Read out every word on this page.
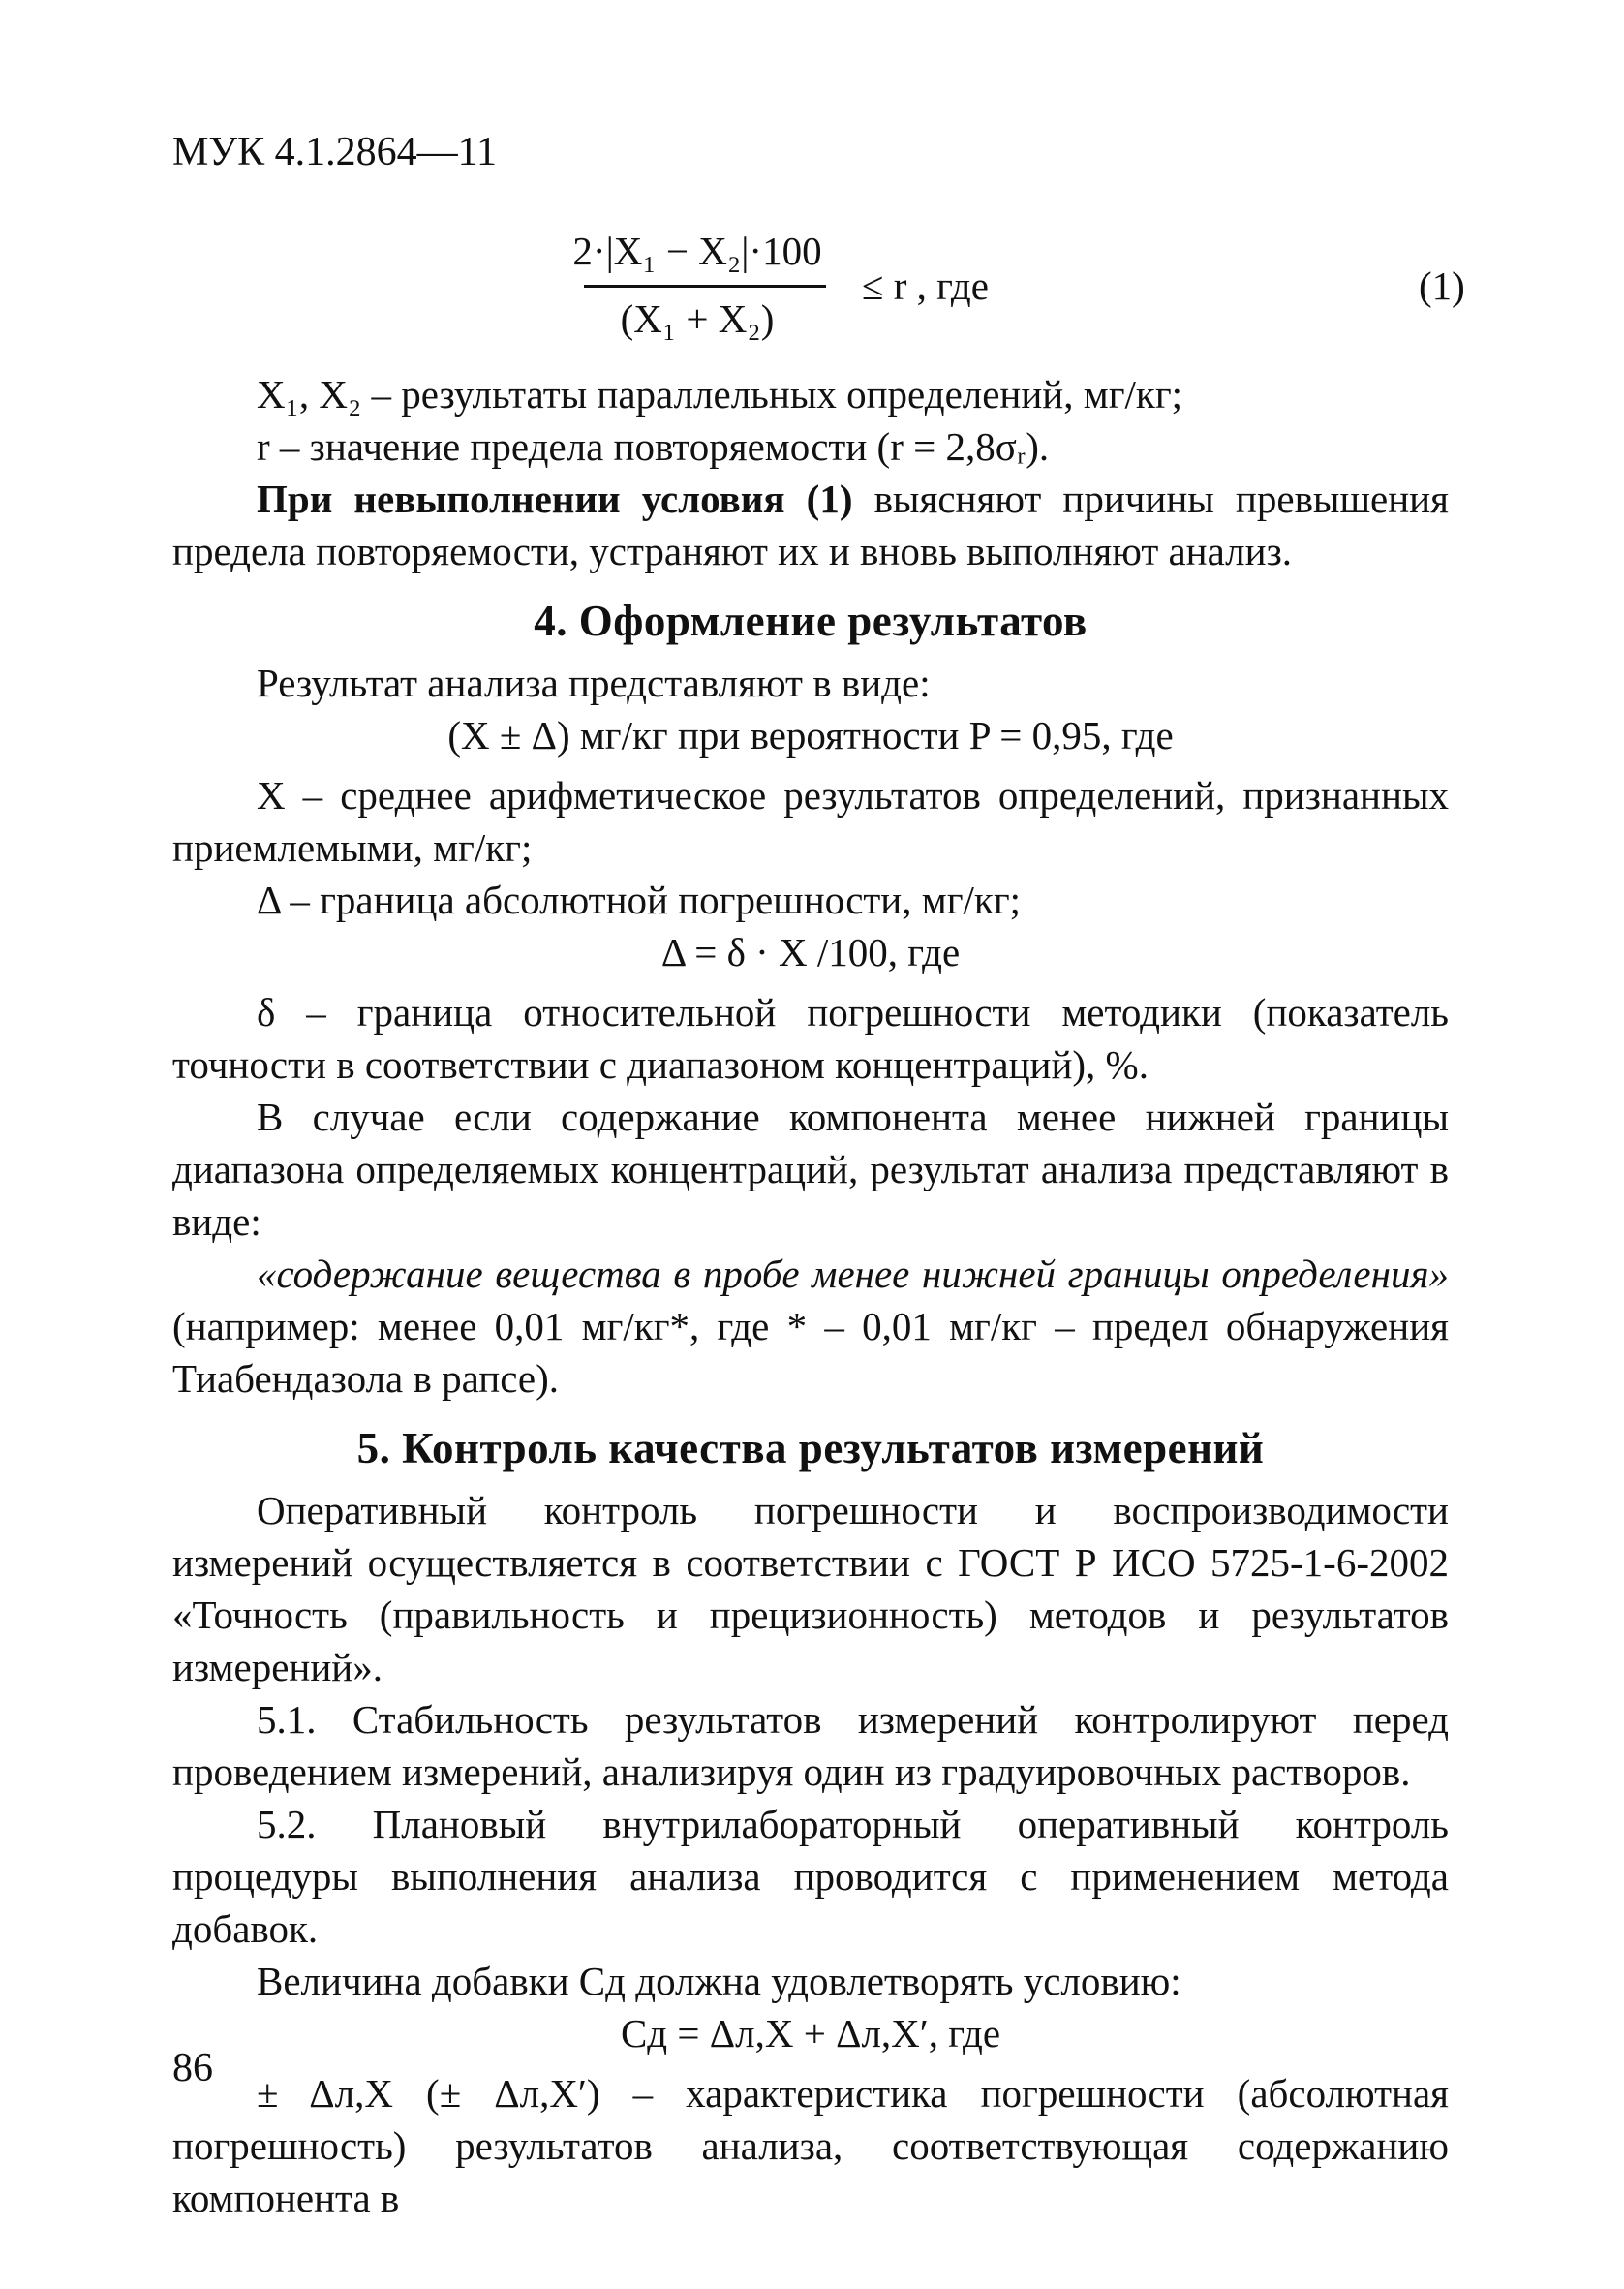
МУК 4.1.2864—11
2·|X₁ − X₂|·100
(X₁ + X₂)
≤ r , где	(1)

X₁, X₂ – результаты параллельных определений, мг/кг;

r – значение предела повторяемости (r = 2,8σᵣ).

При невыполнении условия (1) выясняют причины превышения предела повторяемости, устраняют их и вновь выполняют анализ.

4. Оформление результатов

Результат анализа представляют в виде:

(X ± Δ) мг/кг при вероятности P = 0,95, где

X – среднее арифметическое результатов определений, признанных приемлемыми, мг/кг;

Δ – граница абсолютной погрешности, мг/кг;

Δ = δ · X /100, где

δ – граница относительной погрешности методики (показатель точности в соответствии с диапазоном концентраций), %.

В случае если содержание компонента менее нижней границы диапазона определяемых концентраций, результат анализа представляют в виде:

«содержание вещества в пробе менее нижней границы определения» (например: менее 0,01 мг/кг*, где * – 0,01 мг/кг – предел обнаружения Тиабендазола в рапсе).

5. Контроль качества результатов измерений

Оперативный контроль погрешности и воспроизводимости измерений осуществляется в соответствии с ГОСТ Р ИСО 5725-1-6-2002 «Точность (правильность и прецизионность) методов и результатов измерений».

5.1. Стабильность результатов измерений контролируют перед проведением измерений, анализируя один из градуировочных растворов.

5.2. Плановый внутрилабораторный оперативный контроль процедуры выполнения анализа проводится с применением метода добавок.

Величина добавки Cд должна удовлетворять условию:

Cд = Δл,X + Δл,X′, где

± Δл,X (± Δл,X′) – характеристика погрешности (абсолютная погрешность) результатов анализа, соответствующая содержанию компонента в

86
